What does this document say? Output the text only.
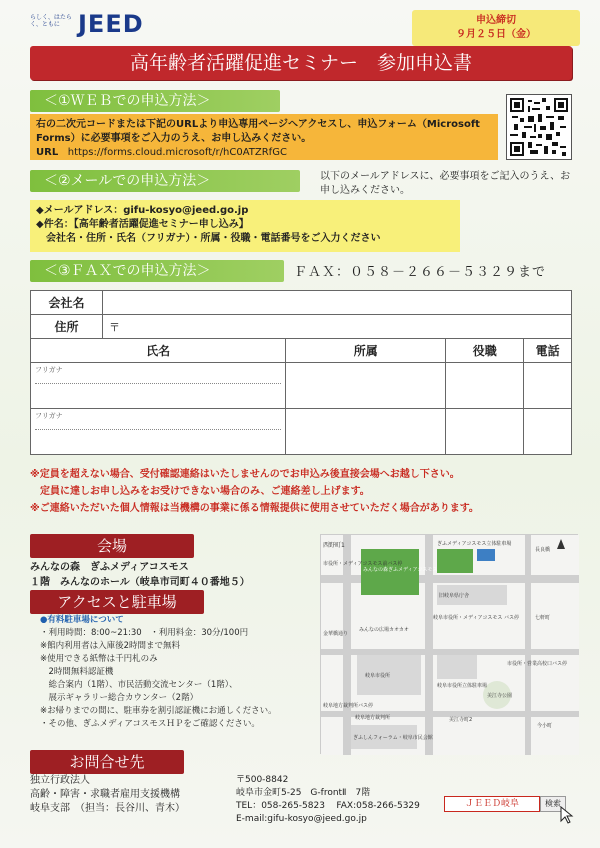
らしく、はたらく、ともに JEED	申込締切
９月２５日（金）
高年齢者活躍促進セミナー　参加申込書
＜①ＷＥＢでの申込方法＞
右の二次元コードまたは下記のURLより申込専用ページへアクセスし、申込フォーム（Microsoft Forms）に必要事項をご入力のうえ、お申し込みください。
URL https://forms.cloud.microsoft/r/hC0ATZRfGC
＜②メールでの申込方法＞	以下のメールアドレスに、必要事項をご記入のうえ、お申し込みください。
◆メールアドレス：gifu-kosyo@jeed.go.jp
◆件名：【高年齢者活躍促進セミナー申し込み】
会社名・住所・氏名（フリガナ）・所属・役職・電話番号をご入力ください
＜③ＦＡＸでの申込方法＞	ＦＡＸ：０５８－２６６－５３２９まで
会社名				
住所	〒			
氏名		所属	役職	電話
フリガナ	

フリガナ	

※定員を超えない場合、受付確認連絡はいたしませんのでお申込み後直接会場へお越し下さい。
　定員に達しお申し込みをお受けできない場合のみ、ご連絡差し上げます。
※ご連絡いただいた個人情報は当機構の事業に係る情報提供に使用させていただく場合があります。
会場
みんなの森　ぎふメディアコスモス
１階　みんなのホール（岐阜市司町４０番地５）
アクセスと駐車場
●有料駐車場について
・利用時間：8:00~21:30　・利用料金：30分/100円
※館内利用者は入庫後2時間まで無料
※使用できる紙幣は千円札のみ
　2時間無料認証機
　総合案内（1階）、市民活動交流センター（1階）、
　展示ギャラリー総合カウンター（2階）
※お帰りまでの間に、駐車券を割引認証機にお通しください。
・その他、ぎふメディアコスモスＨＰをご確認ください。
西野町1
市役所・メディアコスモス前バス停
みんなの森ぎふメディアコスモス
ぎふメディアコスモス立体駐車場
旧岐阜県庁舎
長良橋
岐阜市役所・メディアコスモス バス停
みんなの広場カオカオ
岐阜市役所
岐阜市役所立体駐車場
金華橋通り
美江寺公園
市役所・営業高校口バス停
七軒町
今小町
美江寺町2
岐阜地方裁判所
ぎふしんフォーラム・岐阜市民会館
岐阜地方裁判所バス停
お問合せ先
独立行政法人
高齢・障害・求職者雇用支援機構
岐阜支部　（担当：長谷川、青木）
〒500-8842
岐阜市金町5-25　G-frontⅡ　7階
TEL：058-265-5823 FAX:058-266-5329
E-mail:gifu-kosyo@jeed.go.jp
ＪＥＥＤ岐阜	検索
